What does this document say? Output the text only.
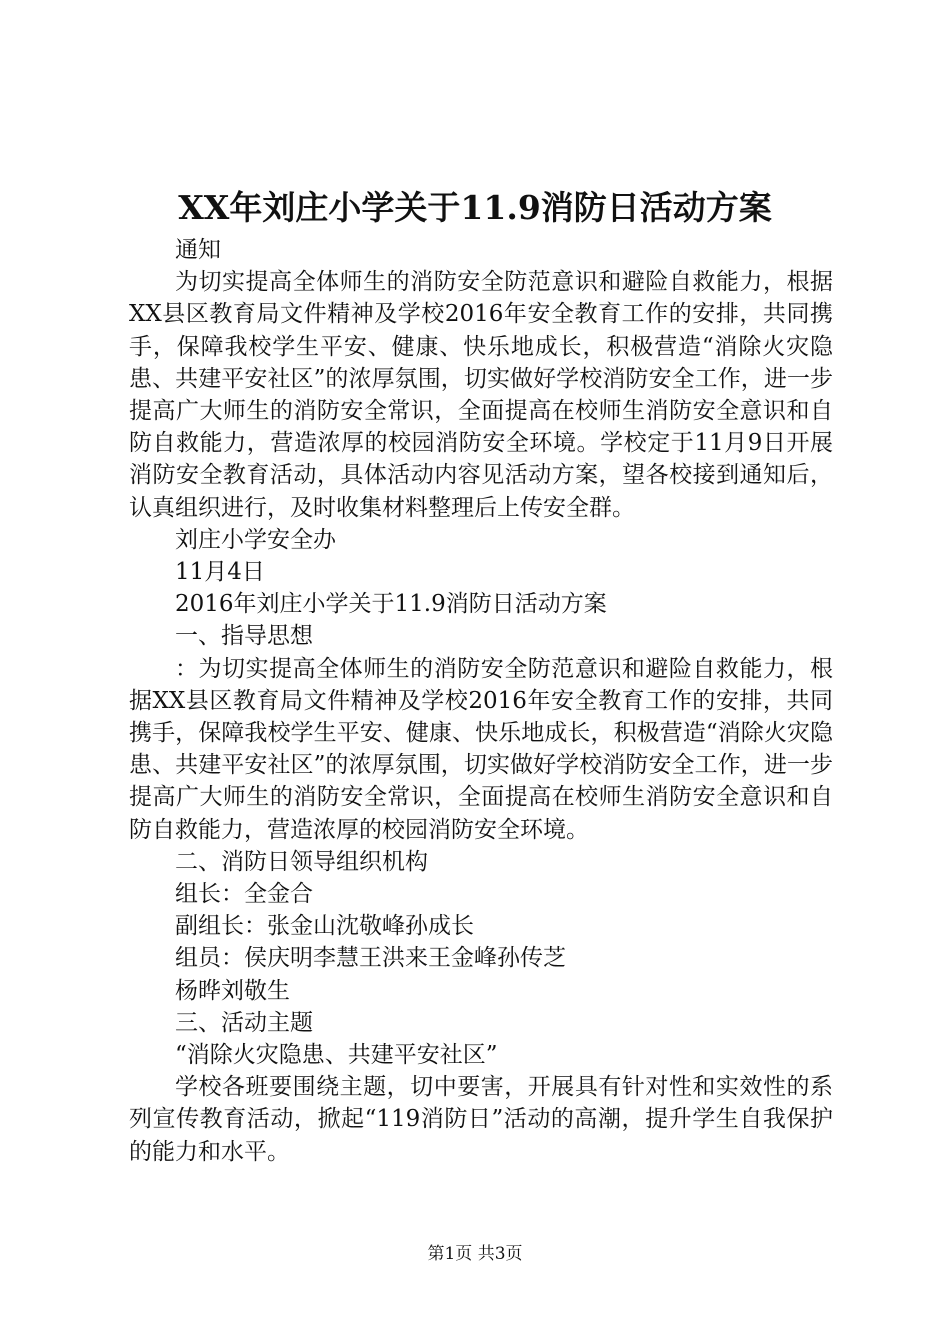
XX年刘庄小学关于11.9消防日活动方案

通知

为切实提高全体师生的消防安全防范意识和避险自救能力，根据XX县区教育局文件精神及学校2016年安全教育工作的安排，共同携手，保障我校学生平安、健康、快乐地成长，积极营造“消除火灾隐患、共建平安社区”的浓厚氛围，切实做好学校消防安全工作，进一步提高广大师生的消防安全常识，全面提高在校师生消防安全意识和自防自救能力，营造浓厚的校园消防安全环境。学校定于11月9日开展消防安全教育活动，具体活动内容见活动方案，望各校接到通知后，认真组织进行，及时收集材料整理后上传安全群。

刘庄小学安全办

11月4日

2016年刘庄小学关于11.9消防日活动方案

一、指导思想

：为切实提高全体师生的消防安全防范意识和避险自救能力，根据XX县区教育局文件精神及学校2016年安全教育工作的安排，共同携手，保障我校学生平安、健康、快乐地成长，积极营造“消除火灾隐患、共建平安社区”的浓厚氛围，切实做好学校消防安全工作，进一步提高广大师生的消防安全常识，全面提高在校师生消防安全意识和自防自救能力，营造浓厚的校园消防安全环境。

二、消防日领导组织机构

组长：全金合

副组长：张金山沈敬峰孙成长

组员：侯庆明李慧王洪来王金峰孙传芝

杨晔刘敬生

三、活动主题

“消除火灾隐患、共建平安社区”

学校各班要围绕主题，切中要害，开展具有针对性和实效性的系列宣传教育活动，掀起“119消防日”活动的高潮，提升学生自我保护的能力和水平。

第1页 共3页
